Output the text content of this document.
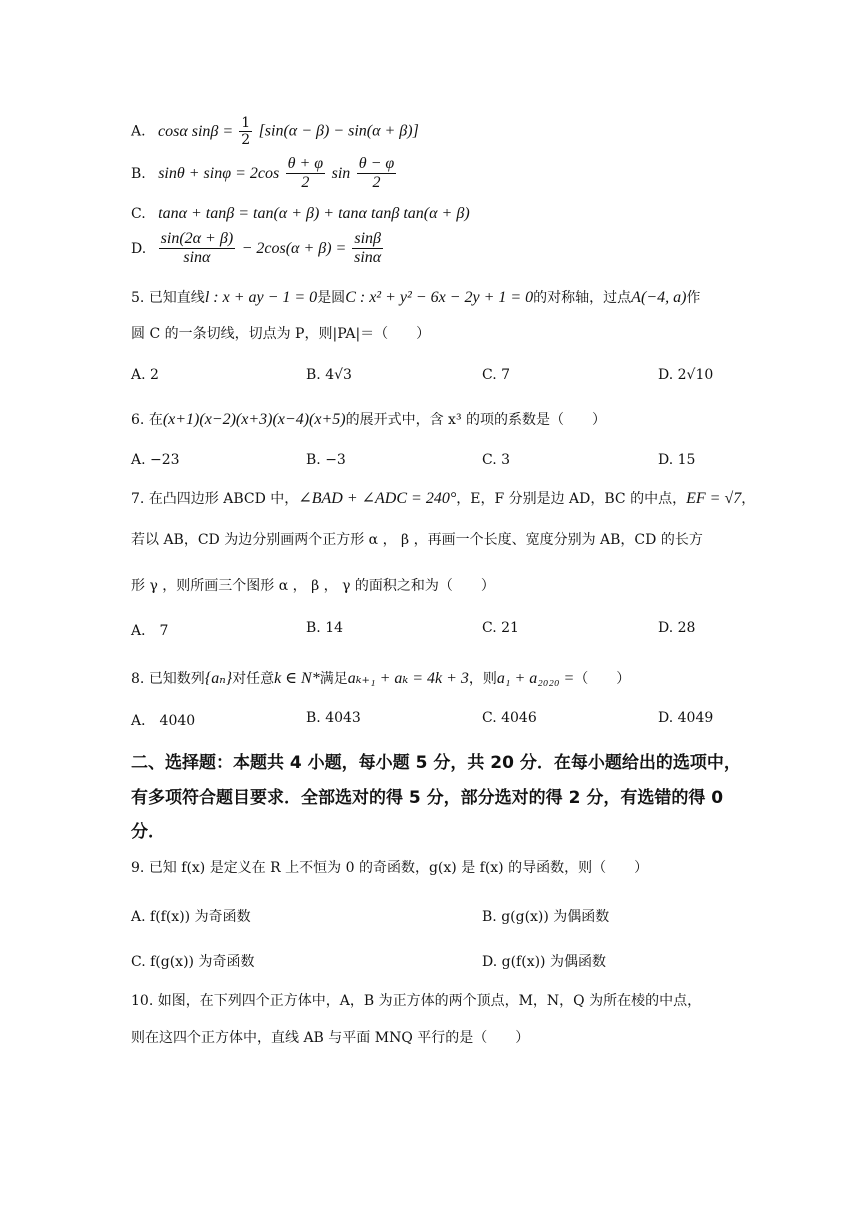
A. cosα $\sin\beta = \frac{1}{2} [\sin(\alpha - \beta) - \sin(\alpha + \beta)]$
B. $\sin\theta + \sin\varphi = 2\cos \frac{\theta + \varphi}{2}$ $\sin \frac{\theta - \varphi}{2}$
C. tanα + tanβ = tan(α + β) + tanα tanβ tan(α + β)
D. $\frac{\sin(2\alpha + \beta)}{\sin\alpha} - 2\cos(\alpha + \beta) = \frac{\sin\beta}{\sin\alpha}$
5. 已知直线l : x + ay − 1 = 0是圆C : x² + y² − 6x − 2y + 1 = 0的对称轴，过点A(−4, a)作
圆 C 的一条切线，切点为 P，则|PA|＝（　　）
A. 2	B. 4√3	C. 7	D. 2√10
6. 在(x+1)(x−2)(x+3)(x−4)(x+5)的展开式中，含 x³ 的项的系数是（　　）
A. −23	B. −3	C. 3	D. 15
7. 在凸四边形 ABCD 中，∠BAD + ∠ADC = 240°，E，F 分别是边 AD，BC 的中点，EF = √7，
若以 AB，CD 为边分别画两个正方形 α ， β ，再画一个长度、宽度分别为 AB，CD 的长方
形 γ ，则所画三个图形 α ， β ， γ 的面积之和为（　　）
A． 7	B. 14	C. 21	D. 28
8. 已知数列{aₙ}对任意k ∈ N*满足aₖ₊₁ + aₖ = 4k + 3，则a₁ + a₂₀₂₀ =（　　）
A． 4040	B. 4043	C. 4046	D. 4049
二、选择题：本题共 4 小题，每小题 5 分，共 20 分．在每小题给出的选项中，
有多项符合题目要求．全部选对的得 5 分，部分选对的得 2 分，有选错的得 0
分．
9. 已知 f(x) 是定义在 R 上不恒为 0 的奇函数，g(x) 是 f(x) 的导函数，则（　　）
A. f(f(x)) 为奇函数	B. g(g(x)) 为偶函数
C. f(g(x)) 为奇函数	D. g(f(x)) 为偶函数
10. 如图，在下列四个正方体中，A，B 为正方体的两个顶点，M，N，Q 为所在棱的中点，
则在这四个正方体中，直线 AB 与平面 MNQ 平行的是（　　）
